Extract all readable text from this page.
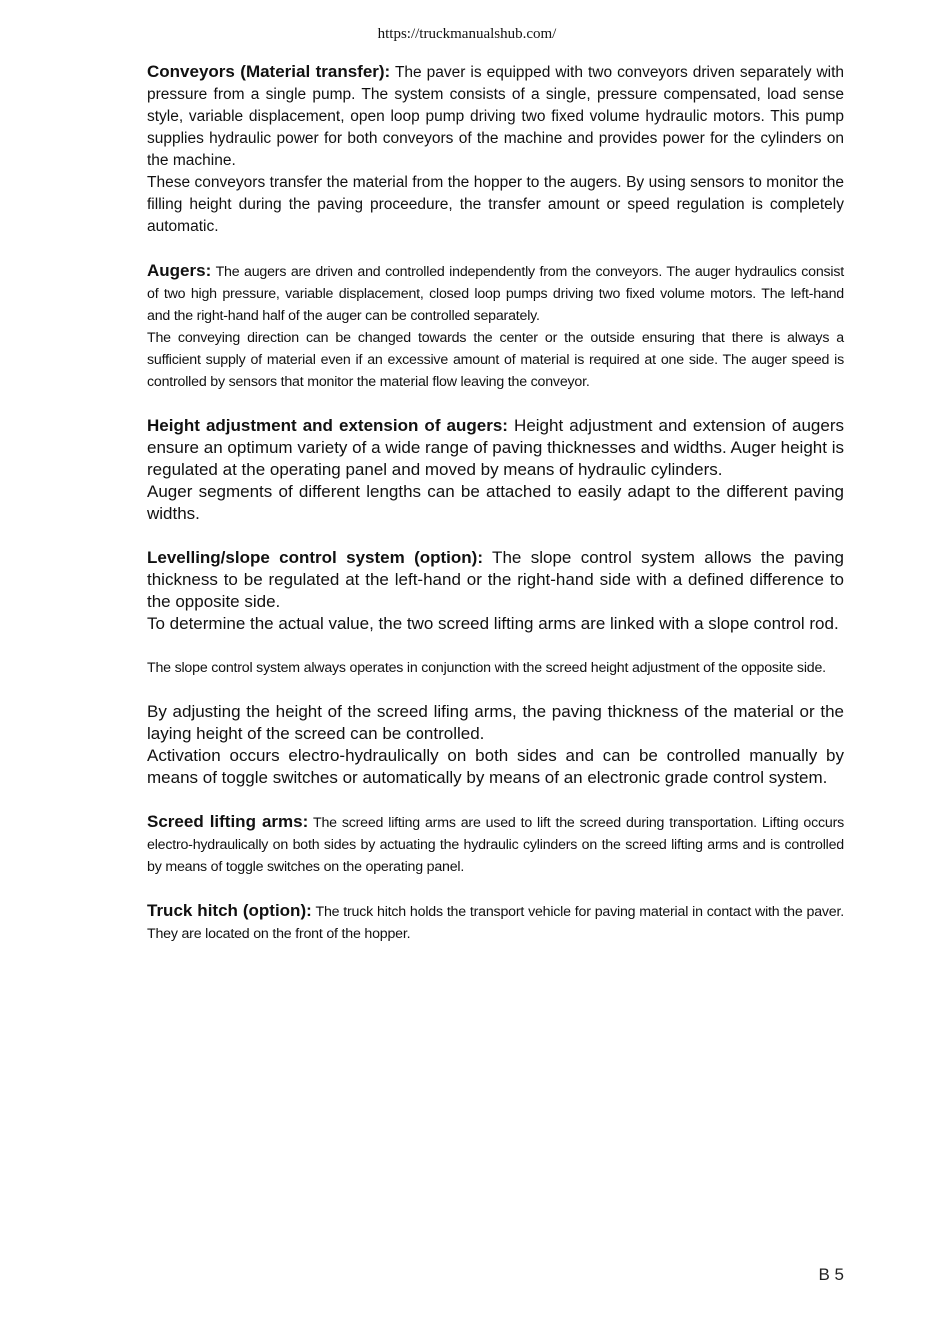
https://truckmanualshub.com/

Conveyors (Material transfer): The paver is equipped with two conveyors driven separately with pressure from a single pump. The system consists of a single, pressure compensated, load sense style, variable displacement, open loop pump driving two fixed volume hydraulic motors. This pump supplies hydraulic power for both conveyors of the machine and provides power for the cylinders on the machine.

These conveyors transfer the material from the hopper to the augers. By using sensors to monitor the filling height during the paving proceedure, the transfer amount or speed regulation is completely automatic.

Augers: The augers are driven and controlled independently from the conveyors. The auger hydraulics consist of two high pressure, variable displacement, closed loop pumps driving two fixed volume motors. The left-hand and the right-hand half of the auger can be controlled separately.

The conveying direction can be changed towards the center or the outside ensuring that there is always a sufficient supply of material even if an excessive amount of material is required at one side. The auger speed is controlled by sensors that monitor the material flow leaving the conveyor.

Height adjustment and extension of augers: Height adjustment and extension of augers ensure an optimum variety of a wide range of paving thicknesses and widths. Auger height is regulated at the operating panel and moved by means of hydraulic cylinders.

Auger segments of different lengths can be attached to easily adapt to the different paving widths.

Levelling/slope control system (option): The slope control system allows the paving thickness to be regulated at the left-hand or the right-hand side with a defined difference to the opposite side.

To determine the actual value, the two screed lifting arms are linked with a slope control rod.

The slope control system always operates in conjunction with the screed height adjustment of the opposite side.

By adjusting the height of the screed lifing arms, the paving thickness of the material or the laying height of the screed can be controlled.

Activation occurs electro-hydraulically on both sides and can be controlled manually by means of toggle switches or automatically by means of an electronic grade control system.

Screed lifting arms: The screed lifting arms are used to lift the screed during transportation. Lifting occurs electro-hydraulically on both sides by actuating the hydraulic cylinders on the screed lifting arms and is controlled by means of toggle switches on the operating panel.

Truck hitch (option): The truck hitch holds the transport vehicle for paving material in contact with the paver. They are located on the front of the hopper.

B 5
